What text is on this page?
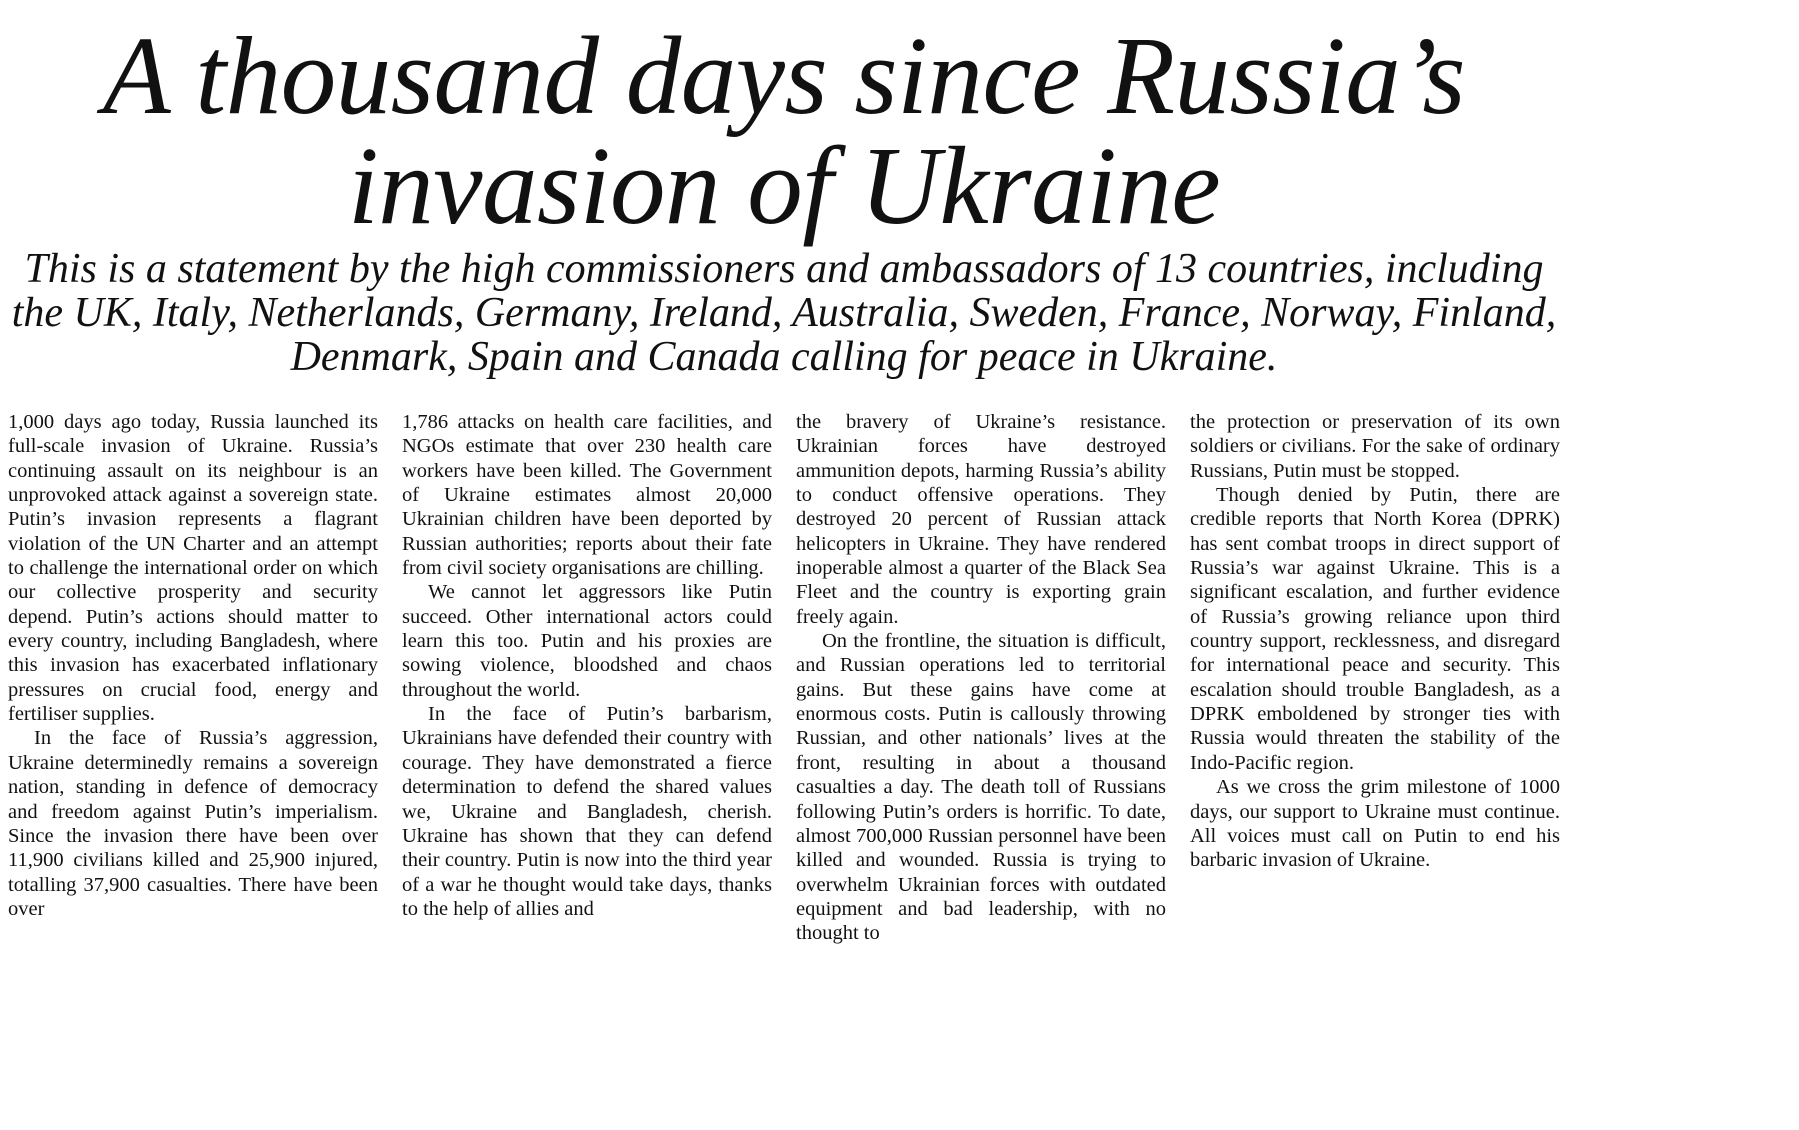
A thousand days since Russia’s invasion of Ukraine

This is a statement by the high commissioners and ambassadors of 13 countries, including the UK, Italy, Netherlands, Germany, Ireland, Australia, Sweden, France, Norway, Finland, Denmark, Spain and Canada calling for peace in Ukraine.

1,000 days ago today, Russia launched its full-scale invasion of Ukraine. Russia’s continuing assault on its neighbour is an unprovoked attack against a sovereign state. Putin’s invasion represents a flagrant violation of the UN Charter and an attempt to challenge the international order on which our collective prosperity and security depend. Putin’s actions should matter to every country, including Bangladesh, where this invasion has exacerbated inflationary pressures on crucial food, energy and fertiliser supplies.

In the face of Russia’s aggression, Ukraine determinedly remains a sovereign nation, standing in defence of democracy and freedom against Putin’s imperialism. Since the invasion there have been over 11,900 civilians killed and 25,900 injured, totalling 37,900 casualties. There have been over

1,786 attacks on health care facilities, and NGOs estimate that over 230 health care workers have been killed. The Government of Ukraine estimates almost 20,000 Ukrainian children have been deported by Russian authorities; reports about their fate from civil society organisations are chilling.

We cannot let aggressors like Putin succeed. Other international actors could learn this too. Putin and his proxies are sowing violence, bloodshed and chaos throughout the world.

In the face of Putin’s barbarism, Ukrainians have defended their country with courage. They have demonstrated a fierce determination to defend the shared values we, Ukraine and Bangladesh, cherish. Ukraine has shown that they can defend their country. Putin is now into the third year of a war he thought would take days, thanks to the help of allies and

the bravery of Ukraine’s resistance. Ukrainian forces have destroyed ammunition depots, harming Russia’s ability to conduct offensive operations. They destroyed 20 percent of Russian attack helicopters in Ukraine. They have rendered inoperable almost a quarter of the Black Sea Fleet and the country is exporting grain freely again.

On the frontline, the situation is difficult, and Russian operations led to territorial gains. But these gains have come at enormous costs. Putin is callously throwing Russian, and other nationals’ lives at the front, resulting in about a thousand casualties a day. The death toll of Russians following Putin’s orders is horrific. To date, almost 700,000 Russian personnel have been killed and wounded. Russia is trying to overwhelm Ukrainian forces with outdated equipment and bad leadership, with no thought to

the protection or preservation of its own soldiers or civilians. For the sake of ordinary Russians, Putin must be stopped.

Though denied by Putin, there are credible reports that North Korea (DPRK) has sent combat troops in direct support of Russia’s war against Ukraine. This is a significant escalation, and further evidence of Russia’s growing reliance upon third country support, recklessness, and disregard for international peace and security. This escalation should trouble Bangladesh, as a DPRK emboldened by stronger ties with Russia would threaten the stability of the Indo-Pacific region.

As we cross the grim milestone of 1000 days, our support to Ukraine must continue. All voices must call on Putin to end his barbaric invasion of Ukraine.
